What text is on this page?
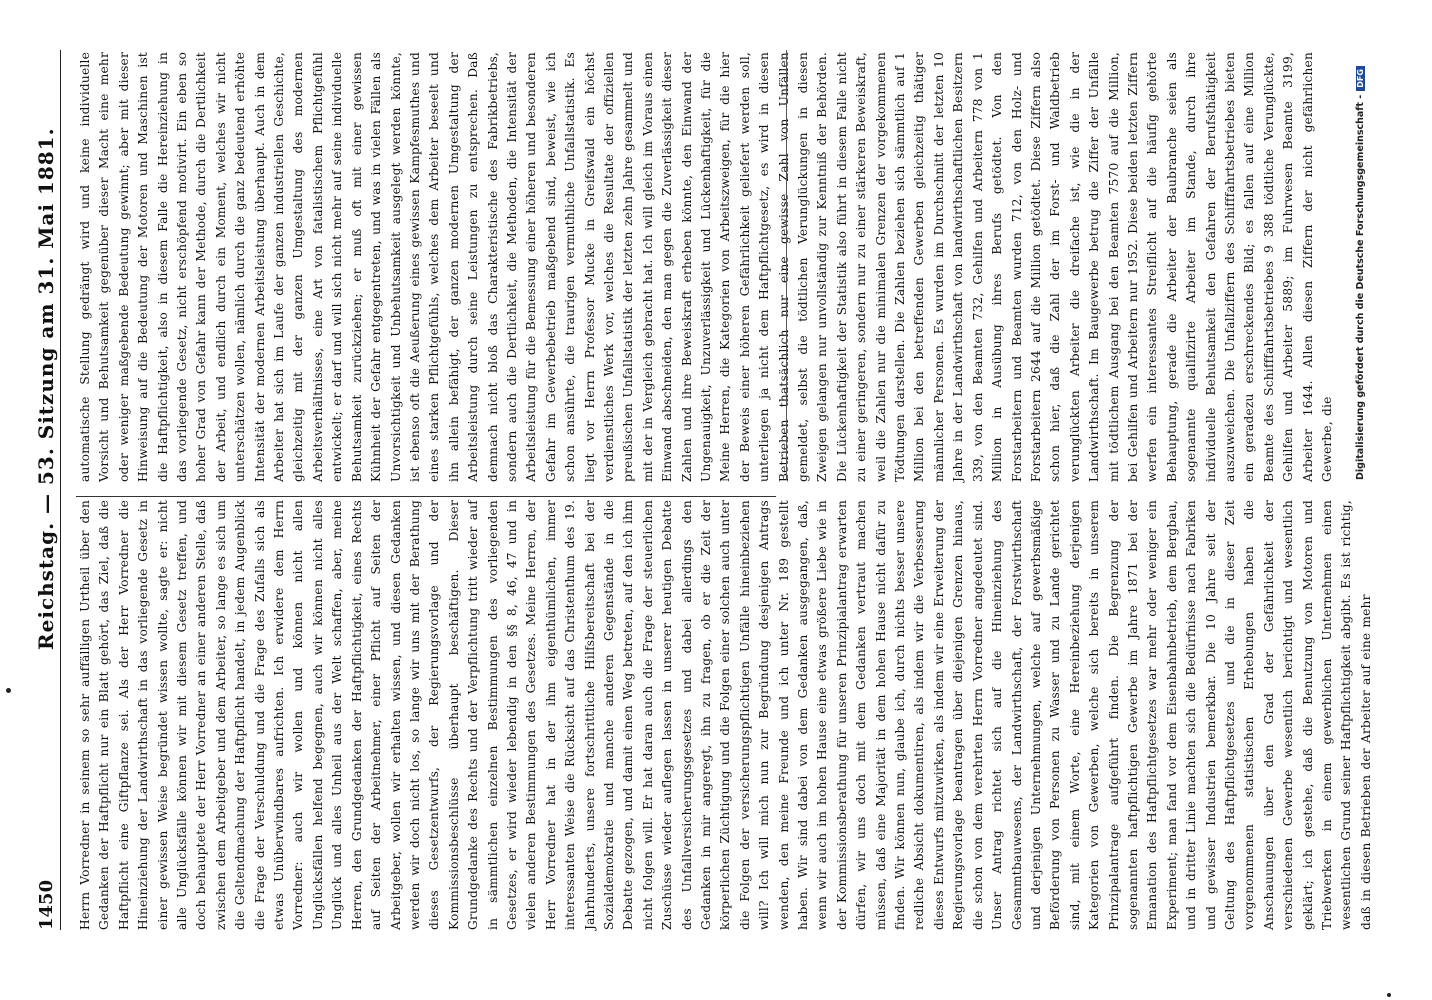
1450
Reichstag. — 53. Sitzung am 31. Mai 1881.
Herrn Vorredner in seinem so sehr auffälligen Urtheil über den Gedanken der Haftpflicht nur ein Blatt gehört, das Ziel, daß die Haftpflicht eine Giftpflanze sei. Als der Herr Vorredner die Hineinziehung der Landwirthschaft in das vorliegende Gesetz in einer gewissen Weise begründet wissen wollte, sagte er: nicht alle Unglücksfälle können wir mit diesem Gesetz treffen, und doch behauptete der Herr Vorredner an einer anderen Stelle, daß zwischen dem Arbeitgeber und dem Arbeiter, so lange es sich um die Geltendmachung der Haftpflicht handelt, in jedem Augenblick die Frage der Verschuldung und die Frage des Zufalls sich als etwas Unüberwindbares aufrichten. Ich erwidere dem Herrn Vorredner: auch wir wollen und können nicht allen Unglücksfällen helfend begegnen, auch wir können nicht alles Unglück und alles Unheil aus der Welt schaffen, aber, meine Herren, den Grundgedanken der Haftpflichtigkeit, eines Rechts auf Seiten der Arbeitnehmer, einer Pflicht auf Seiten der Arbeitgeber, wollen wir erhalten wissen, und diesen Gedanken werden wir doch nicht los, so lange wir uns mit der Berathung dieses Gesetzentwurfs, der Regierungsvorlage und der Kommissionsbeschlüsse überhaupt beschäftigen. Dieser Grundgedanke des Rechts und der Verpflichtung tritt wieder auf in sämmtlichen einzelnen Bestimmungen des vorliegenden Gesetzes, er wird wieder lebendig in den §§ 8, 46, 47 und in vielen anderen Bestimmungen des Gesetzes. Meine Herren, der Herr Vorredner hat in der ihm eigenthümlichen, immer interessanten Weise die Rücksicht auf das Christenthum des 19. Jahrhunderts, unsere fortschrittliche Hilfsbereitschaft bei der Sozialdemokratie und manche anderen Gegenstände in die Debatte gezogen, und damit einen Weg betreten, auf den ich ihm nicht folgen will. Er hat daran auch die Frage der steuerlichen Zuschüsse wieder auflegen lassen in unserer heutigen Debatte des Unfallversicherungsgesetzes und dabei allerdings den Gedanken in mir angeregt, ihn zu fragen, ob er die Zeit der körperlichen Züchtigung und die Folgen einer solchen auch unter die Folgen der versicherungspflichtigen Unfälle hineinbeziehen will? Ich will mich nun zur Begründung desjenigen Antrags wenden, den meine Freunde und ich unter Nr. 189 gestellt haben. Wir sind dabei von dem Gedanken ausgegangen, daß, wenn wir auch im hohen Hause eine etwas größere Liebe wie in der Kommissionsberathung für unseren Prinzipialantrag erwarten dürfen, wir uns doch mit dem Gedanken vertraut machen müssen, daß eine Majorität in dem hohen Hause nicht dafür zu finden. Wir können nun, glaube ich, durch nichts besser unsere redliche Absicht dokumentiren, als indem wir die Verbesserung dieses Entwurfs mitzuwirken, als indem wir eine Erweiterung der Regierungsvorlage beantragen über diejenigen Grenzen hinaus, die schon von dem verehrten Herrn Vorredner angedeutet sind. Unser Antrag richtet sich auf die Hineinziehung des Gesammtbauwesens, der Landwirthschaft, der Forstwirthschaft und derjenigen Unternehmungen, welche auf gewerbsmäßige Beförderung von Personen zu Wasser und zu Lande gerichtet sind, mit einem Worte, eine Hereinbeziehung derjenigen Kategorien von Gewerben, welche sich bereits in unserem Prinzipalantrage aufgeführt finden. Die Begrenzung der sogenannten haftpflichtigen Gewerbe im Jahre 1871 bei der Emanation des Haftpflichtgesetzes war mehr oder weniger ein Experiment; man fand vor dem Eisenbahnbetrieb, dem Bergbau, und in dritter Linie machten sich die Bedürfnisse nach Fabriken und gewisser Industrien bemerkbar. Die 10 Jahre seit der Geltung des Haftpflichtgesetzes und die in dieser Zeit vorgenommenen statistischen Erhebungen haben die Anschauungen über den Grad der Gefährlichkeit der verschiedenen Gewerbe wesentlich berichtigt und wesentlich geklärt; ich gestehe, daß die Benutzung von Motoren und Triebwerken in einem gewerblichen Unternehmen einen wesentlichen Grund seiner Haftpflichtigkeit abgibt. Es ist richtig, daß in diesen Betrieben der Arbeiter auf eine mehr
automatische Stellung gedrängt wird und keine individuelle Vorsicht und Behutsamkeit gegenüber dieser Macht eine mehr oder weniger maßgebende Bedeutung gewinnt; aber mit dieser Hinweisung auf die Bedeutung der Motoren und Maschinen ist die Haftpflichtigkeit, also in diesem Falle die Hereinziehung in das vorliegende Gesetz, nicht erschöpfend motivirt. Ein eben so hoher Grad von Gefahr kann der Methode, durch die Dertlichkeit der Arbeit, und endlich durch ein Moment, welches wir nicht unterschätzen wollen, nämlich durch die ganz bedeutend erhöhte Intensität der modernen Arbeitsleistung überhaupt. Auch in dem Arbeiter hat sich im Laufe der ganzen industriellen Geschichte, gleichzeitig mit der ganzen Umgestaltung des modernen Arbeitsverhältnisses, eine Art von fatalistischem Pflichtgefühl entwickelt; er darf und will sich nicht mehr auf seine individuelle Behutsamkeit zurückziehen; er muß oft mit einer gewissen Kühnheit der Gefahr entgegentreten, und was in vielen Fällen als Unvorsichtigkeit und Unbehutsamkeit ausgelegt werden könnte, ist ebenso oft die Aeußerung eines gewissen Kampfesmuthes und eines starken Pflichtgefühls, welches dem Arbeiter beseelt und ihn allein befähigt, der ganzen modernen Umgestaltung der Arbeitsleistung durch seine Leistungen zu entsprechen. Daß demnach nicht bloß das Charakteristische des Fabrikbetriebs, sondern auch die Dertlichkeit, die Methoden, die Intensität der Arbeitsleistung für die Bemessung einer höheren und besonderen Gefahr im Gewerbebetrieb maßgebend sind, beweist, wie ich schon ansührte, die traurigen vermuthliche Unfallstatistik. Es liegt vor Herrn Professor Mucke in Greifswald ein höchst verdienstliches Werk vor, welches die Resultate der offiziellen preußischen Unfallstatistik der letzten zehn Jahre gesammelt und mit der in Vergleich gebracht hat. Ich will gleich im Voraus einen Einwand abschneiden, den man gegen die Zuverlässigkeit dieser Zahlen und ihre Beweiskraft erheben könnte, den Einwand der Ungenauigkeit, Unzuverlässigkeit und Lückenhaftigkeit, für die Meine Herren, die Kategorien von Arbeitszweigen, für die hier der Beweis einer höheren Gefährlichkeit geliefert werden soll, unterliegen ja nicht dem Haftpflichtgesetz, es wird in diesen Betrieben thatsächlich nur eine gewisse Zahl von Unfällen gemeldet, selbst die tödtlichen Verunglückungen in diesen Zweigen gelangen nur unvollständig zur Kenntniß der Behörden. Die Lückenhaftigkeit der Statistik also führt in diesem Falle nicht zu einer geringeren, sondern nur zu einer stärkeren Beweiskraft, weil die Zahlen nur die minimalen Grenzen der vorgekommenen Tödtungen darstellen. Die Zahlen beziehen sich sämmtlich auf 1 Million bei den betreffenden Gewerben gleichzeitig thätiger männlicher Personen. Es wurden im Durchschnitt der letzten 10 Jahre in der Landwirthschaft von landwirthschaftlichen Besitzern 339, von den Beamten 732, Gehilfen und Arbeitern 778 von 1 Million in Ausübung ihres Berufs getödtet. Von den Forstarbeitern und Beamten wurden 712, von den Holz- und Forstarbeitern 2644 auf die Million getödtet. Diese Ziffern also schon hier, daß die Zahl der im Forst- und Waldbetrieb verunglückten Arbeiter die dreifache ist, wie die in der Landwirthschaft. Im Baugewerbe betrug die Ziffer der Unfälle mit tödtlichem Ausgang bei den Beamten 7570 auf die Million, bei Gehilfen und Arbeitern nur 1952. Diese beiden letzten Ziffern werfen ein interessantes Streiflicht auf die häufig gehörte Behauptung, gerade die Arbeiter der Baubranche seien als sogenannte qualifizirte Arbeiter im Stande, durch ihre individuelle Behutsamkeit den Gefahren der Berufsthätigkeit auszuweichen. Die Unfallziffern des Schifffahrtsbetriebes bieten ein geradezu erschreckendes Bild; es fallen auf eine Million Beamte des Schifffahrtsbetriebes 9 388 tödtliche Verunglückte, Gehilfen und Arbeiter 5889; im Fuhrwesen Beamte 3199, Arbeiter 1644. Allen diesen Ziffern der nicht gefährlichen Gewerbe, die Digitalisierung gefördert durch die Deutsche Forschungsgemeinschaft -DFG
